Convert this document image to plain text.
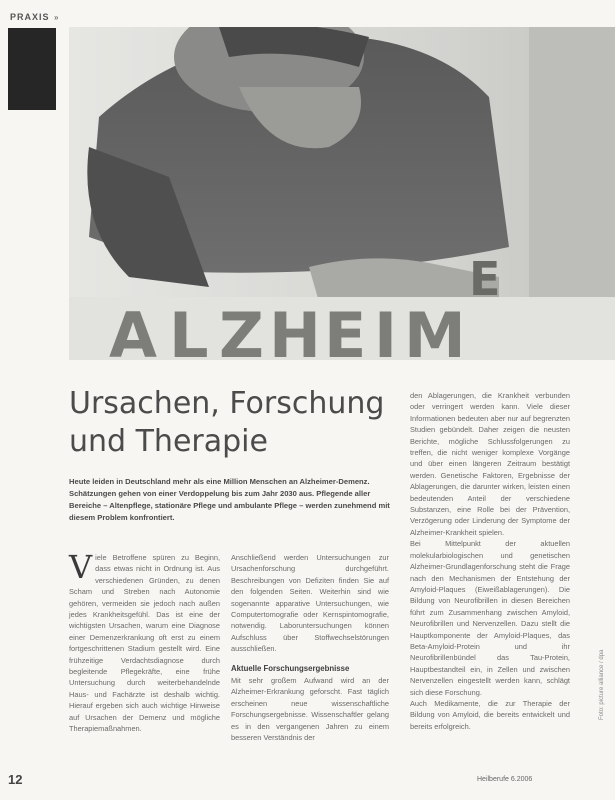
PRAXIS »
A L Z H E I M
E
Ursachen, Forschung und Therapie

Heute leiden in Deutschland mehr als eine Million Menschen an Alzheimer-Demenz. Schätzungen gehen von einer Verdoppelung bis zum Jahr 2030 aus. Pflegende aller Bereiche – Altenpflege, stationäre Pflege und ambulante Pflege – werden zunehmend mit diesem Problem konfrontiert.

V iele Betroffene spüren zu Beginn, dass etwas nicht in Ordnung ist. Aus verschiedenen Gründen, zu denen Scham und Streben nach Autonomie gehören, vermeiden sie jedoch nach außen jedes Krankheitsgefühl. Das ist eine der wichtigsten Ursachen, warum eine Diagnose einer Demenzerkrankung oft erst zu einem fortgeschrittenen Stadium gestellt wird. Eine frühzeitige Verdachtsdiagnose durch begleitende Pflegekräfte, eine frühe Untersuchung durch weiterbehandelnde Haus- und Fachärzte ist deshalb wichtig. Hierauf ergeben sich auch wichtige Hinweise auf Ursachen der Demenz und mögliche Therapiemaßnahmen.

Anschließend werden Untersuchungen zur Ursachenforschung durchgeführt. Beschreibungen von Defiziten finden Sie auf den folgenden Seiten. Weiterhin sind wie sogenannte apparative Untersuchungen, wie Computertomografie oder Kernspintomografie, notwendig. Laboruntersuchungen können Aufschluss über Stoffwechselstörungen ausschließen.

Aktuelle Forschungsergebnisse

Mit sehr großem Aufwand wird an der Alzheimer-Erkrankung geforscht. Fast täglich erscheinen neue wissenschaftliche Forschungsergebnisse. Wissenschaftler gelang es in den vergangenen Jahren zu einem besseren Verständnis der

den Ablagerungen, die Krankheit verbunden oder verringert werden kann. Viele dieser Informationen bedeuten aber nur auf begrenzten Studien gebündelt. Daher zeigen die neusten Berichte, mögliche Schlussfolgerungen zu treffen, die nicht weniger komplexe Vorgänge und über einen längeren Zeitraum bestätigt werden. Genetische Faktoren, Ergebnisse der Ablagerungen, die darunter wirken, leisten einen bedeutenden Anteil der verschiedene Substanzen, eine Rolle bei der Prävention, Verzögerung oder Linderung der Symptome der Alzheimer-Krankheit spielen.

Bei Mittelpunkt der aktuellen molekularbiologischen und genetischen Alzheimer-Grundlagenforschung steht die Frage nach den Mechanismen der Entstehung der Amyloid-Plaques (Eiweißablagerungen). Die Bildung von Neurofibrillen in diesen Bereichen führt zum Zusammenhang zwischen Amyloid, Neurofibrillen und Nervenzellen. Dazu stellt die Hauptkomponente der Amyloid-Plaques, das Beta-Amyloid-Protein und ihr Neurofibrillenbündel das Tau-Protein, Hauptbestandteil ein, in Zellen und zwischen Nervenzellen eingestellt werden kann, schlägt sich diese Forschung.

Auch Medikamente, die zur Therapie der Bildung von Amyloid, die bereits entwickelt und bereits erfolgreich.

Foto: picture alliance / dpa
12	Heilberufe 6.2006
